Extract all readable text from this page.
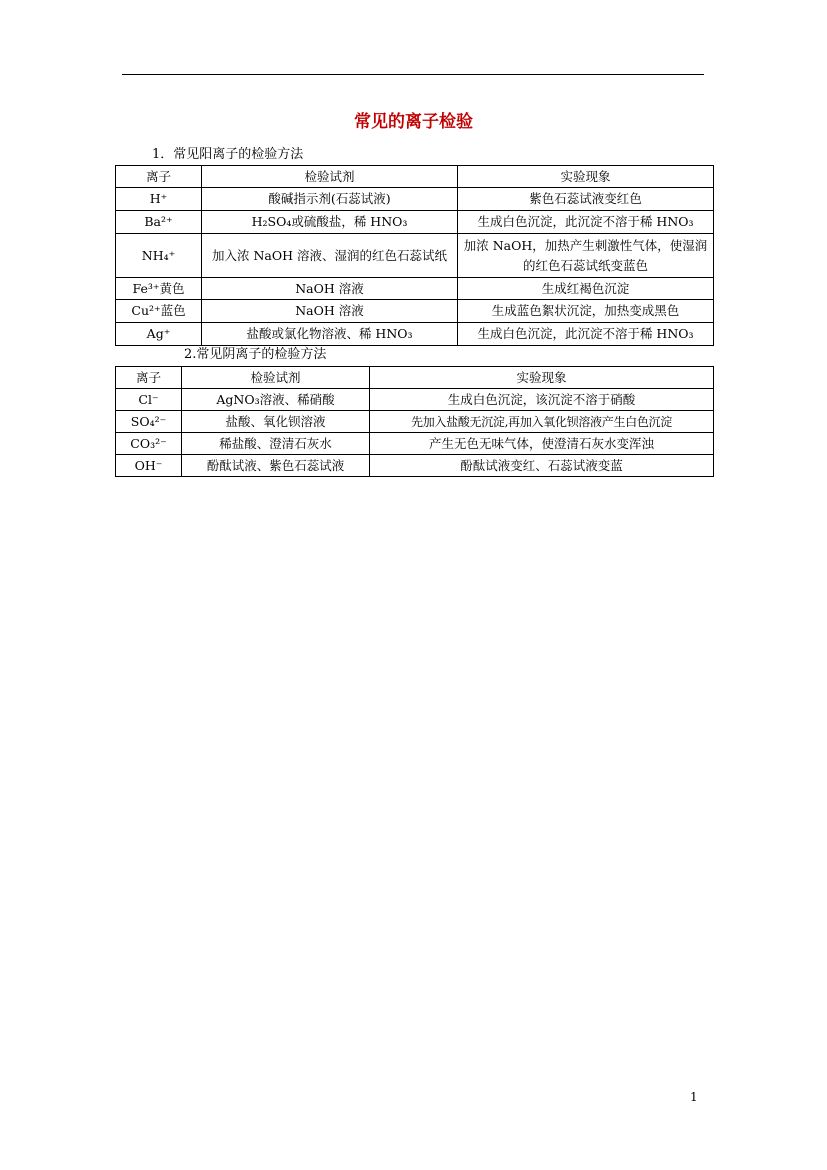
常见的离子检验
1．常见阳离子的检验方法
离子	检验试剂	实验现象
H⁺	酸碱指示剂(石蕊试液)	紫色石蕊试液变红色
Ba²⁺	H₂SO₄或硫酸盐，稀 HNO₃	生成白色沉淀，此沉淀不溶于稀 HNO₃
NH₄⁺	加入浓 NaOH 溶液、湿润的红色石蕊试纸	加浓 NaOH，加热产生刺激性气体，使湿润的红色石蕊试纸变蓝色
Fe³⁺黄色	NaOH 溶液	生成红褐色沉淀
Cu²⁺蓝色	NaOH 溶液	生成蓝色絮状沉淀，加热变成黑色
Ag⁺	盐酸或氯化物溶液、稀 HNO₃	生成白色沉淀，此沉淀不溶于稀 HNO₃
2.常见阴离子的检验方法
离子	检验试剂	实验现象
Cl⁻	AgNO₃溶液、稀硝酸	生成白色沉淀，该沉淀不溶于硝酸
SO₄²⁻	盐酸、氧化钡溶液	先加入盐酸无沉淀,再加入氧化钡溶液产生白色沉淀
CO₃²⁻	稀盐酸、澄清石灰水	产生无色无味气体，使澄清石灰水变浑浊
OH⁻	酚酞试液、紫色石蕊试液	酚酞试液变红、石蕊试液变蓝
1
